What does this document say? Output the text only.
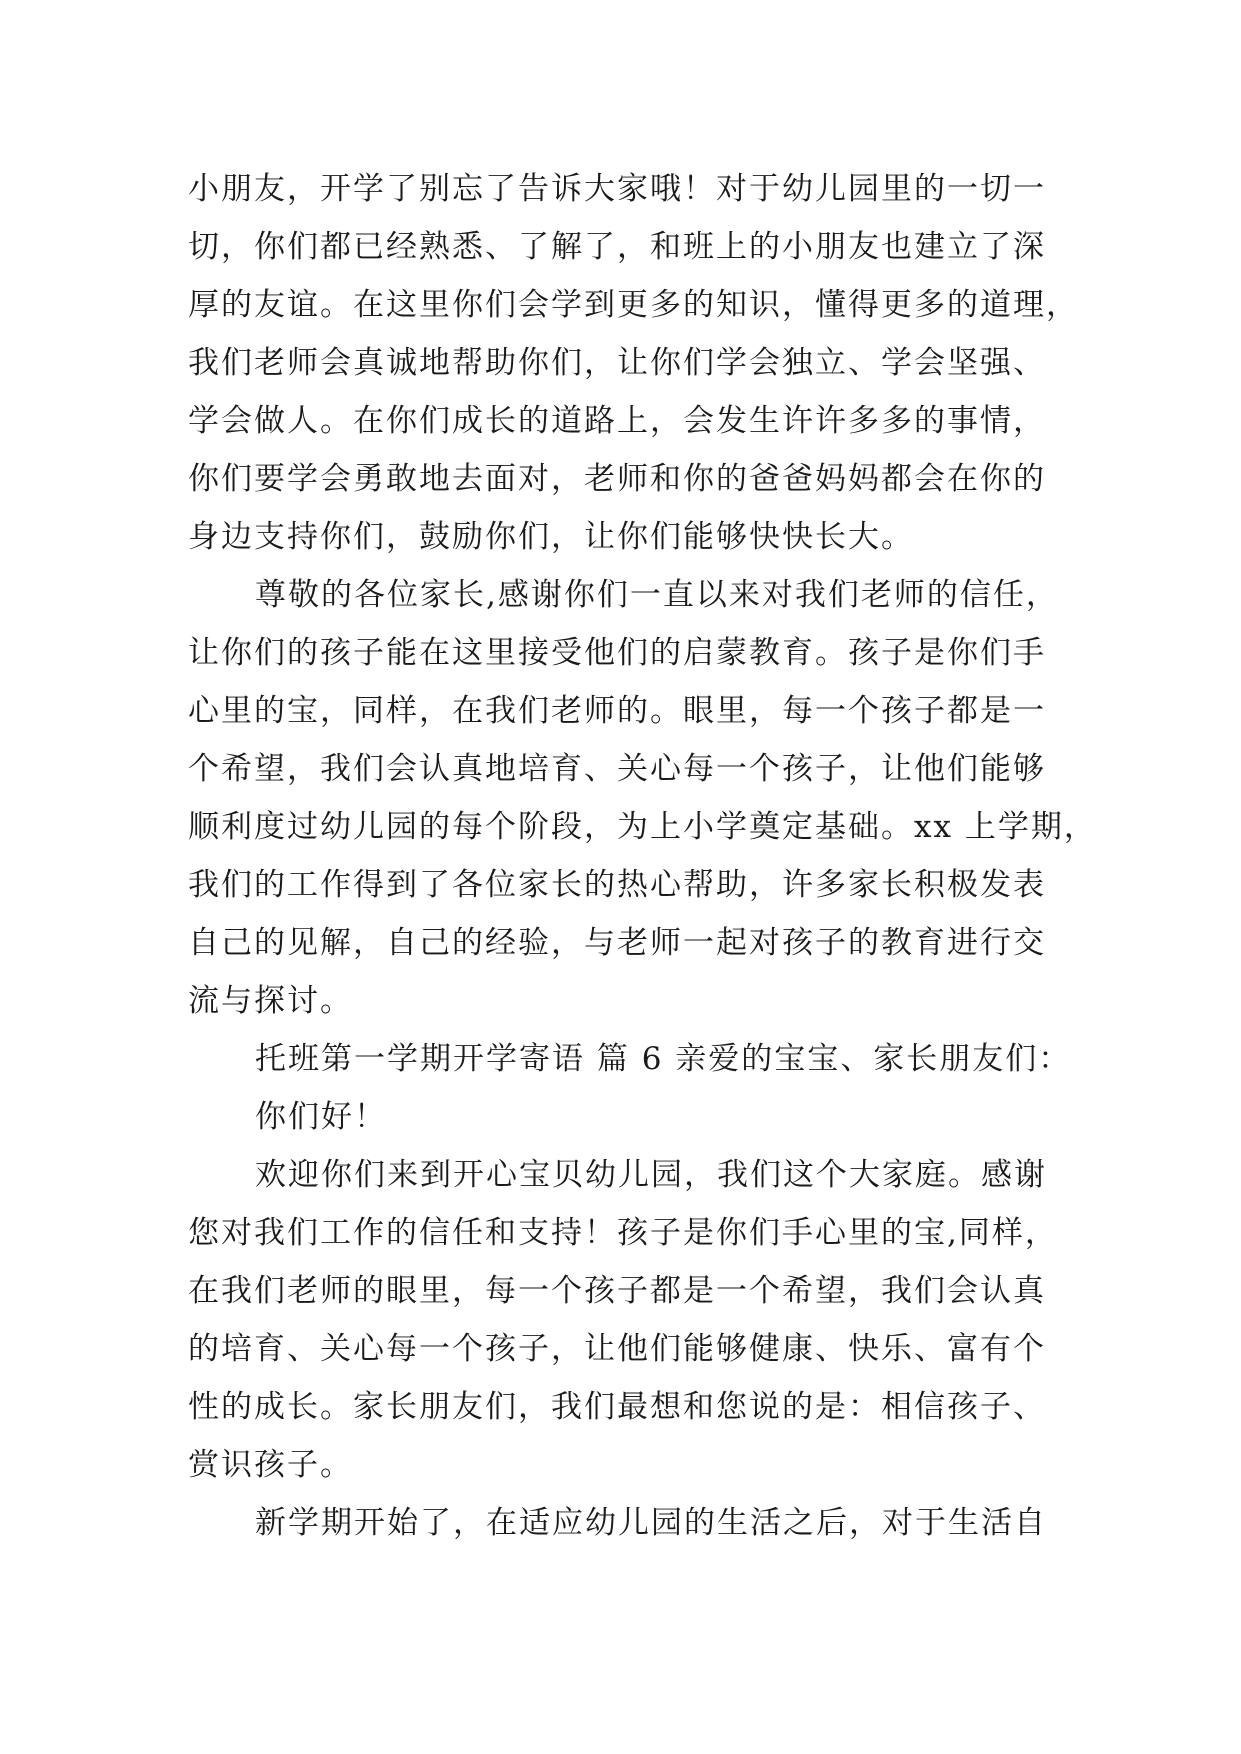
小朋友，开学了别忘了告诉大家哦！对于幼儿园里的一切一
切，你们都已经熟悉、了解了，和班上的小朋友也建立了深
厚的友谊。在这里你们会学到更多的知识，懂得更多的道理，
我们老师会真诚地帮助你们，让你们学会独立、学会坚强、
学会做人。在你们成长的道路上，会发生许许多多的事情，
你们要学会勇敢地去面对，老师和你的爸爸妈妈都会在你的
身边支持你们，鼓励你们，让你们能够快快长大。
尊敬的各位家长,感谢你们一直以来对我们老师的信任，
让你们的孩子能在这里接受他们的启蒙教育。孩子是你们手
心里的宝，同样，在我们老师的。眼里，每一个孩子都是一
个希望，我们会认真地培育、关心每一个孩子，让他们能够
顺利度过幼儿园的每个阶段，为上小学奠定基础。xx 上学期，
我们的工作得到了各位家长的热心帮助，许多家长积极发表
自己的见解，自己的经验，与老师一起对孩子的教育进行交
流与探讨。
托班第一学期开学寄语 篇 6 亲爱的宝宝、家长朋友们：
你们好！
欢迎你们来到开心宝贝幼儿园，我们这个大家庭。感谢
您对我们工作的信任和支持！孩子是你们手心里的宝,同样，
在我们老师的眼里，每一个孩子都是一个希望，我们会认真
的培育、关心每一个孩子，让他们能够健康、快乐、富有个
性的成长。家长朋友们，我们最想和您说的是：相信孩子、
赏识孩子。
新学期开始了，在适应幼儿园的生活之后，对于生活自
